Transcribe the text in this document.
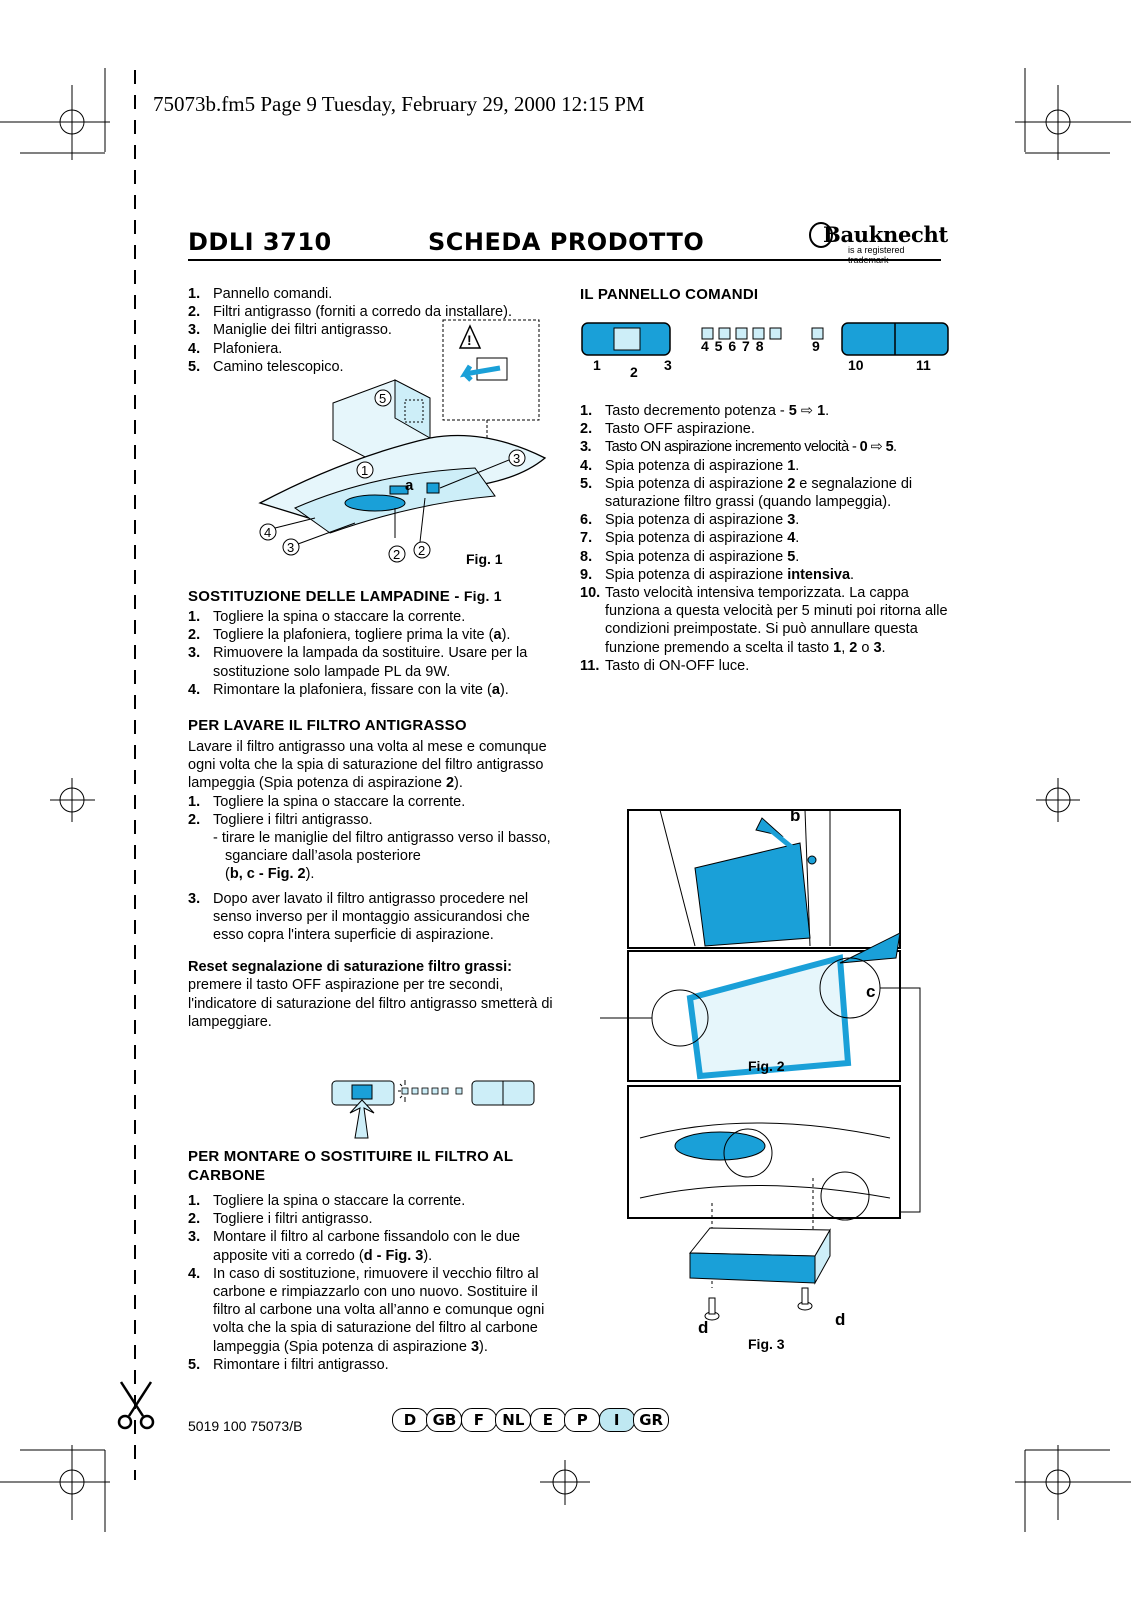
75073b.fm5 Page 9 Tuesday, February 29, 2000 12:15 PM
DDLI 3710	SCHEDA PRODOTTO	Bauknecht
is a registered
1. Pannello comandi.
2. Filtri antigrasso (forniti a corredo da installare).
3. Maniglie dei filtri antigrasso.
4. Plafoniera.
5. Camino telescopico.
!
5
1
3
a
4
3	2 2
Fig. 1
SOSTITUZIONE DELLE LAMPADINE - Fig. 1
1. Togliere la spina o staccare la corrente.
2. Togliere la plafoniera, togliere prima la vite (a).
3. Rimuovere la lampada da sostituire. Usare per la sostituzione solo lampade PL da 9W.
4. Rimontare la plafoniera, fissare con la vite (a).
PER LAVARE IL FILTRO ANTIGRASSO
Lavare il filtro antigrasso una volta al mese e comunque ogni volta che la spia di saturazione del filtro antigrasso lampeggia (Spia potenza di aspirazione 2).
1. Togliere la spina o staccare la corrente.
2. Togliere i filtri antigrasso.
- tirare le maniglie del filtro antigrasso verso il basso, sganciare dall’asola posteriore
(b, c - Fig. 2).
3. Dopo aver lavato il filtro antigrasso procedere nel senso inverso per il montaggio assicurandosi che esso copra l'intera superficie di aspirazione.
Reset segnalazione di saturazione filtro grassi: premere il tasto OFF aspirazione per tre secondi, l'indicatore di saturazione del filtro antigrasso smetterà di lampeggiare.
PER MONTARE O SOSTITUIRE IL FILTRO AL CARBONE
1. Togliere la spina o staccare la corrente.
2. Togliere i filtri antigrasso.
3. Montare il filtro al carbone fissandolo con le due apposite viti a corredo (d - Fig. 3).
4. In caso di sostituzione, rimuovere il vecchio filtro al carbone e rimpiazzarlo con uno nuovo. Sostituire il filtro al carbone una volta all’anno e comunque ogni volta che la spia di saturazione del filtro al carbone lampeggia (Spia potenza di aspirazione 3).
5. Rimontare i filtri antigrasso.
IL PANNELLO COMANDI
1 2 3
4 5 6 7 8	9
10	11
1. Tasto decremento potenza - 5 ⇨ 1.
2. Tasto OFF aspirazione.
3. Tasto ON aspirazione incremento velocità - 0 ⇨ 5.
4. Spia potenza di aspirazione 1.
5. Spia potenza di aspirazione 2 e segnalazione di saturazione filtro grassi (quando lampeggia).
6. Spia potenza di aspirazione 3.
7. Spia potenza di aspirazione 4.
8. Spia potenza di aspirazione 5.
9. Spia potenza di aspirazione intensiva.
10. Tasto velocità intensiva temporizzata. La cappa funziona a questa velocità per 5 minuti poi ritorna alle condizioni preimpostate. Si può annullare questa funzione premendo a scelta il tasto 1, 2 o 3.
11. Tasto di ON-OFF luce.
b
c
Fig. 2
d	d
Fig. 3
5019 100 75073/B	D GB F NL E P I GR
